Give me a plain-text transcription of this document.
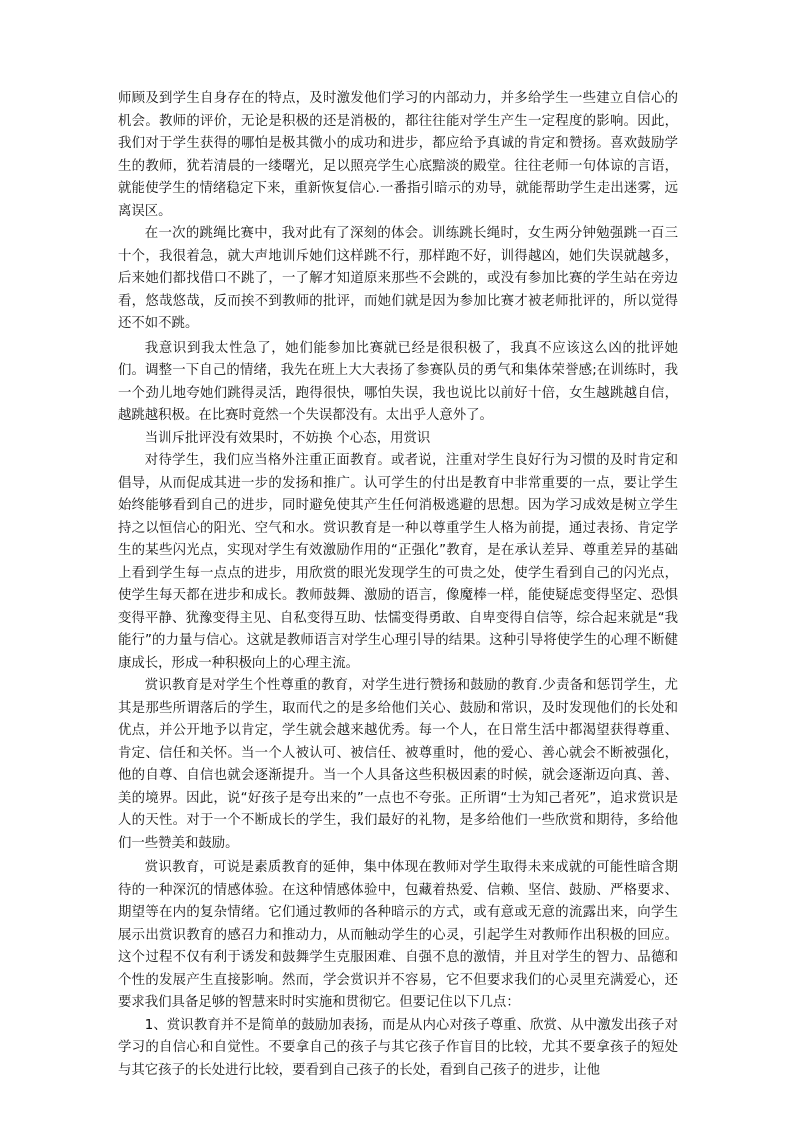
师顾及到学生自身存在的特点，及时激发他们学习的内部动力，并多给学生一些建立自信心的机会。教师的评价，无论是积极的还是消极的，都往往能对学生产生一定程度的影响。因此，我们对于学生获得的哪怕是极其微小的成功和进步，都应给予真诚的肯定和赞扬。喜欢鼓励学生的教师，犹若清晨的一缕曙光，足以照亮学生心底黯淡的殿堂。往往老师一句体谅的言语，就能使学生的情绪稳定下来，重新恢复信心.一番指引暗示的劝导，就能帮助学生走出迷雾，远离误区。

在一次的跳绳比赛中，我对此有了深刻的体会。训练跳长绳时，女生两分钟勉强跳一百三十个，我很着急，就大声地训斥她们这样跳不行，那样跑不好，训得越凶，她们失误就越多，后来她们都找借口不跳了，一了解才知道原来那些不会跳的，或没有参加比赛的学生站在旁边看，悠哉悠哉，反而挨不到教师的批评，而她们就是因为参加比赛才被老师批评的，所以觉得还不如不跳。

我意识到我太性急了，她们能参加比赛就已经是很积极了，我真不应该这么凶的批评她们。调整一下自己的情绪，我先在班上大大表扬了参赛队员的勇气和集体荣誉感;在训练时，我一个劲儿地夸她们跳得灵活，跑得很快，哪怕失误，我也说比以前好十倍，女生越跳越自信，越跳越积极。在比赛时竟然一个失误都没有。太出乎人意外了。

当训斥批评没有效果时，不妨换 个心态，用赏识

对待学生，我们应当格外注重正面教育。或者说，注重对学生良好行为习惯的及时肯定和倡导，从而促成其进一步的发扬和推广。认可学生的付出是教育中非常重要的一点，要让学生始终能够看到自己的进步，同时避免使其产生任何消极逃避的思想。因为学习成效是树立学生持之以恒信心的阳光、空气和水。赏识教育是一种以尊重学生人格为前提，通过表扬、肯定学生的某些闪光点，实现对学生有效激励作用的“正强化”教育，是在承认差异、尊重差异的基础上看到学生每一点点的进步，用欣赏的眼光发现学生的可贵之处，使学生看到自己的闪光点，使学生每天都在进步和成长。教师鼓舞、激励的语言，像魔棒一样，能使疑虑变得坚定、恐惧变得平静、犹豫变得主见、自私变得互助、怯懦变得勇敢、自卑变得自信等，综合起来就是“我能行”的力量与信心。这就是教师语言对学生心理引导的结果。这种引导将使学生的心理不断健康成长，形成一种积极向上的心理主流。

赏识教育是对学生个性尊重的教育，对学生进行赞扬和鼓励的教育.少责备和惩罚学生，尤其是那些所谓落后的学生，取而代之的是多给他们关心、鼓励和常识，及时发现他们的长处和优点，并公开地予以肯定，学生就会越来越优秀。每一个人，在日常生活中都渴望获得尊重、肯定、信任和关怀。当一个人被认可、被信任、被尊重时，他的爱心、善心就会不断被强化，他的自尊、自信也就会逐渐提升。当一个人具备这些积极因素的时候，就会逐渐迈向真、善、美的境界。因此，说“好孩子是夸出来的”一点也不夸张。正所谓“士为知己者死”，追求赏识是人的天性。对于一个不断成长的学生，我们最好的礼物，是多给他们一些欣赏和期待，多给他们一些赞美和鼓励。

赏识教育，可说是素质教育的延伸，集中体现在教师对学生取得未来成就的可能性暗含期待的一种深沉的情感体验。在这种情感体验中，包藏着热爱、信赖、坚信、鼓励、严格要求、期望等在内的复杂情绪。它们通过教师的各种暗示的方式，或有意或无意的流露出来，向学生展示出赏识教育的感召力和推动力，从而触动学生的心灵，引起学生对教师作出积极的回应。这个过程不仅有利于诱发和鼓舞学生克服困难、自强不息的激情，并且对学生的智力、品德和个性的发展产生直接影响。然而，学会赏识并不容易，它不但要求我们的心灵里充满爱心，还要求我们具备足够的智慧来时时实施和贯彻它。但要记住以下几点：

1、赏识教育并不是简单的鼓励加表扬，而是从内心对孩子尊重、欣赏、从中激发出孩子对学习的自信心和自觉性。不要拿自己的孩子与其它孩子作盲目的比较，尤其不要拿孩子的短处与其它孩子的长处进行比较，要看到自己孩子的长处，看到自己孩子的进步，让他
